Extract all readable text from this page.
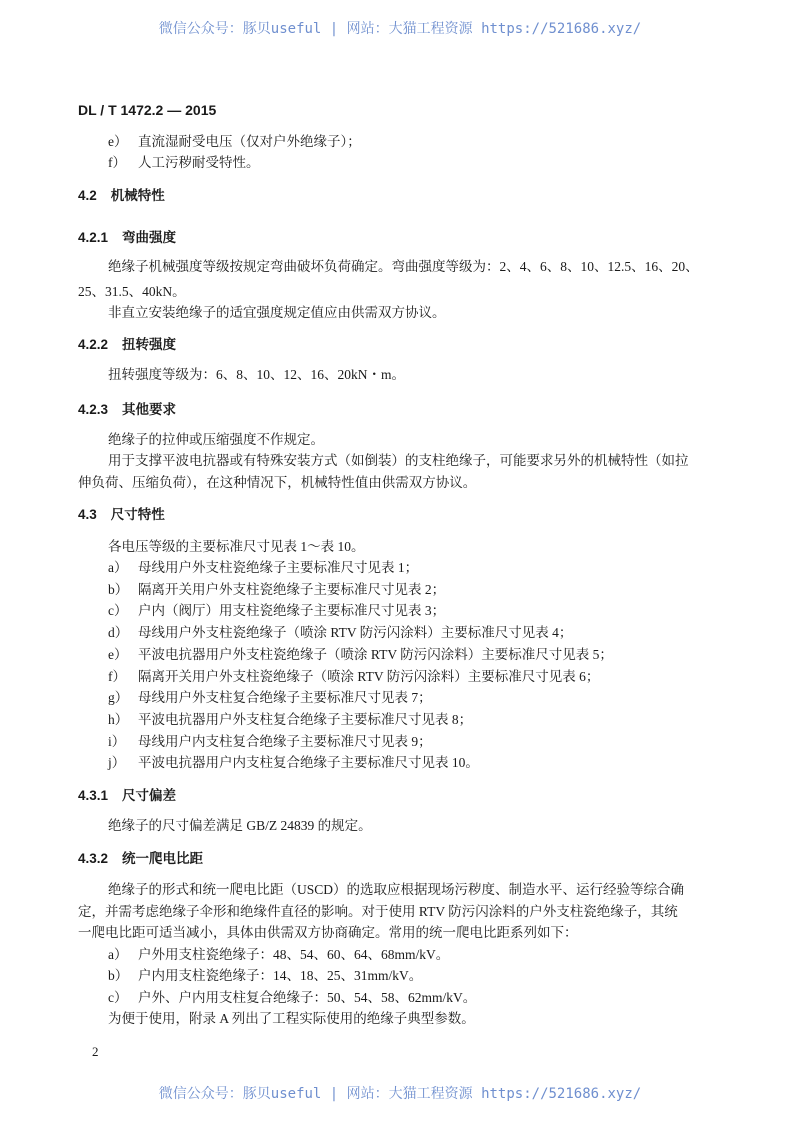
微信公众号：豚贝useful | 网站：大猫工程资源 https://521686.xyz/
DL / T 1472.2 — 2015
e） 直流湿耐受电压（仅对户外绝缘子）；
f） 人工污秽耐受特性。
4.2 机械特性
4.2.1 弯曲强度
绝缘子机械强度等级按规定弯曲破坏负荷确定。弯曲强度等级为：2、4、6、8、10、12.5、16、20、
25、31.5、40kN。
非直立安装绝缘子的适宜强度规定值应由供需双方协议。
4.2.2 扭转强度
扭转强度等级为：6、8、10、12、16、20kN・m。
4.2.3 其他要求
绝缘子的拉伸或压缩强度不作规定。
用于支撑平波电抗器或有特殊安装方式（如倒装）的支柱绝缘子，可能要求另外的机械特性（如拉
伸负荷、压缩负荷），在这种情况下，机械特性值由供需双方协议。
4.3 尺寸特性
各电压等级的主要标准尺寸见表 1～表 10。
a） 母线用户外支柱瓷绝缘子主要标准尺寸见表 1；
b） 隔离开关用户外支柱瓷绝缘子主要标准尺寸见表 2；
c） 户内（阀厅）用支柱瓷绝缘子主要标准尺寸见表 3；
d） 母线用户外支柱瓷绝缘子（喷涂 RTV 防污闪涂料）主要标准尺寸见表 4；
e） 平波电抗器用户外支柱瓷绝缘子（喷涂 RTV 防污闪涂料）主要标准尺寸见表 5；
f） 隔离开关用户外支柱瓷绝缘子（喷涂 RTV 防污闪涂料）主要标准尺寸见表 6；
g） 母线用户外支柱复合绝缘子主要标准尺寸见表 7；
h） 平波电抗器用户外支柱复合绝缘子主要标准尺寸见表 8；
i） 母线用户内支柱复合绝缘子主要标准尺寸见表 9；
j） 平波电抗器用户内支柱复合绝缘子主要标准尺寸见表 10。
4.3.1 尺寸偏差
绝缘子的尺寸偏差满足 GB/Z 24839 的规定。
4.3.2 统一爬电比距
绝缘子的形式和统一爬电比距（USCD）的选取应根据现场污秽度、制造水平、运行经验等综合确
定，并需考虑绝缘子伞形和绝缘件直径的影响。对于使用 RTV 防污闪涂料的户外支柱瓷绝缘子，其统
一爬电比距可适当减小，具体由供需双方协商确定。常用的统一爬电比距系列如下：
a） 户外用支柱瓷绝缘子：48、54、60、64、68mm/kV。
b） 户内用支柱瓷绝缘子：14、18、25、31mm/kV。
c） 户外、户内用支柱复合绝缘子：50、54、58、62mm/kV。
为便于使用，附录 A 列出了工程实际使用的绝缘子典型参数。
2
微信公众号：豚贝useful | 网站：大猫工程资源 https://521686.xyz/
